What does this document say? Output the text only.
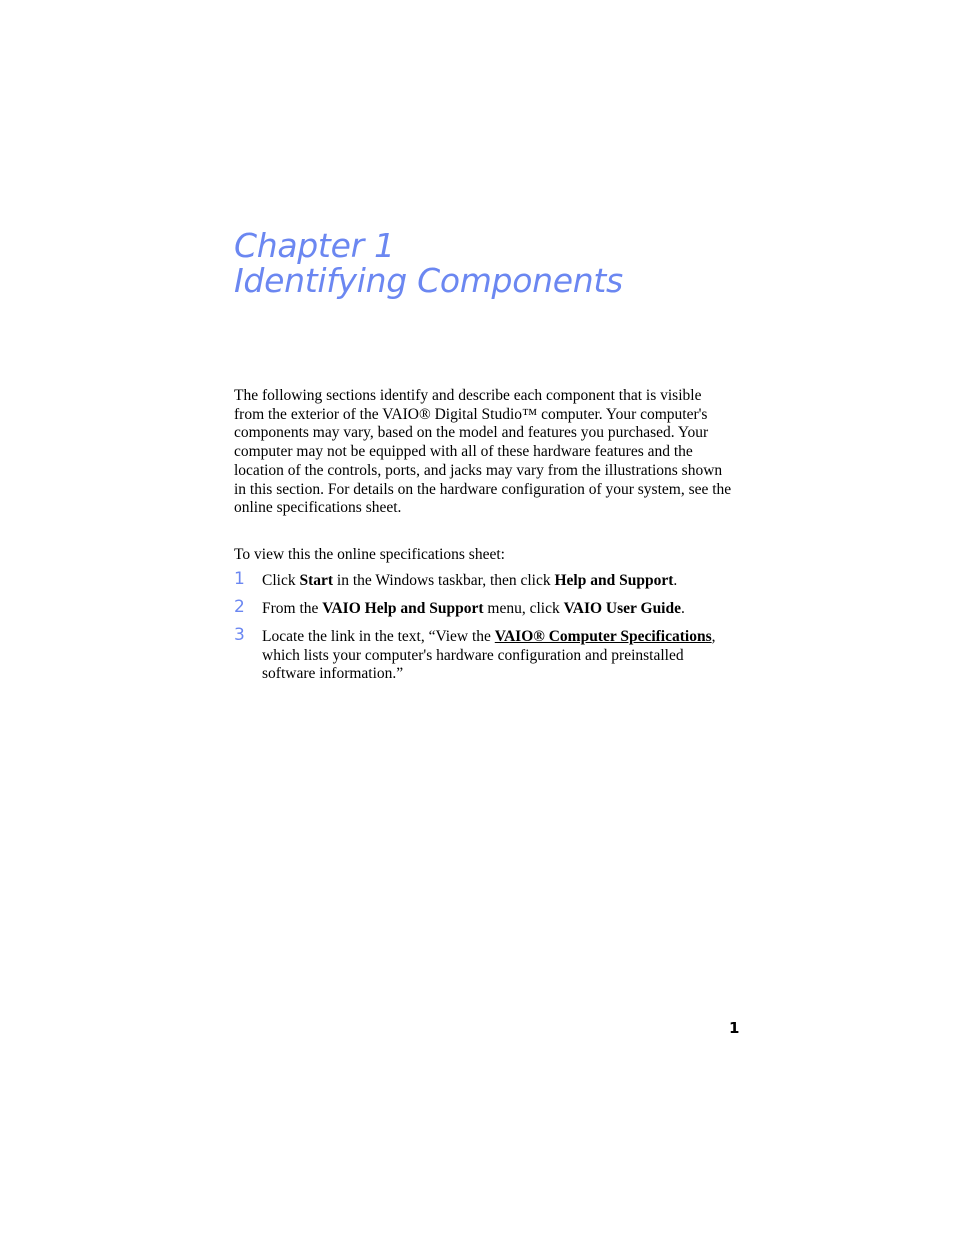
Chapter 1
Identifying Components

The following sections identify and describe each component that is visible from the exterior of the VAIO® Digital Studio™ computer. Your computer's components may vary, based on the model and features you purchased. Your computer may not be equipped with all of these hardware features and the location of the controls, ports, and jacks may vary from the illustrations shown in this section. For details on the hardware configuration of your system, see the online specifications sheet.

To view this the online specifications sheet:

1 Click Start in the Windows taskbar, then click Help and Support.
2 From the VAIO Help and Support menu, click VAIO User Guide.
3 Locate the link in the text, “View the VAIO® Computer Specifications, which lists your computer's hardware configuration and preinstalled software information.”
1
